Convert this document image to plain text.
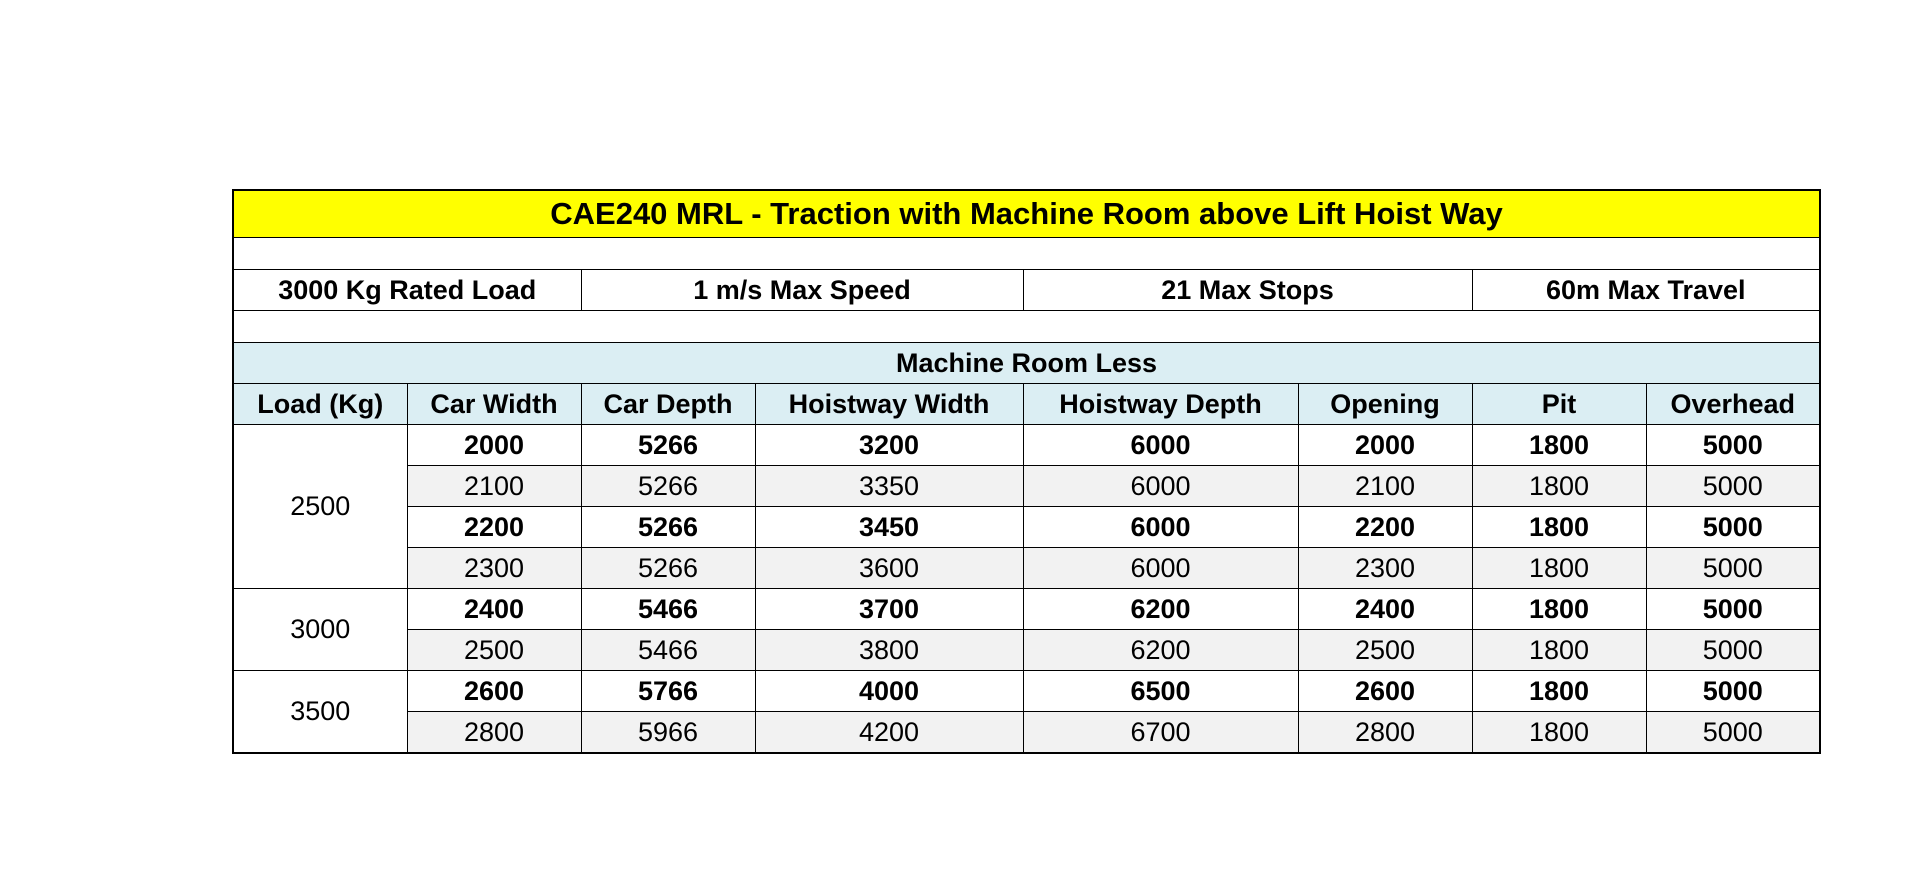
CAE240 MRL - Traction with Machine Room above Lift Hoist Way							

3000 Kg Rated Load		1 m/s Max Speed		21 Max Stops		60m Max Travel	

Machine Room Less							
Load (Kg)	Car Width	Car Depth	Hoistway Width	Hoistway Depth	Opening	Pit	Overhead
2500	2000	5266	3200	6000	2000	1800	5000
	2100	5266	3350	6000	2100	1800	5000
	2200	5266	3450	6000	2200	1800	5000
	2300	5266	3600	6000	2300	1800	5000
3000	2400	5466	3700	6200	2400	1800	5000
	2500	5466	3800	6200	2500	1800	5000
3500	2600	5766	4000	6500	2600	1800	5000
	2800	5966	4200	6700	2800	1800	5000
